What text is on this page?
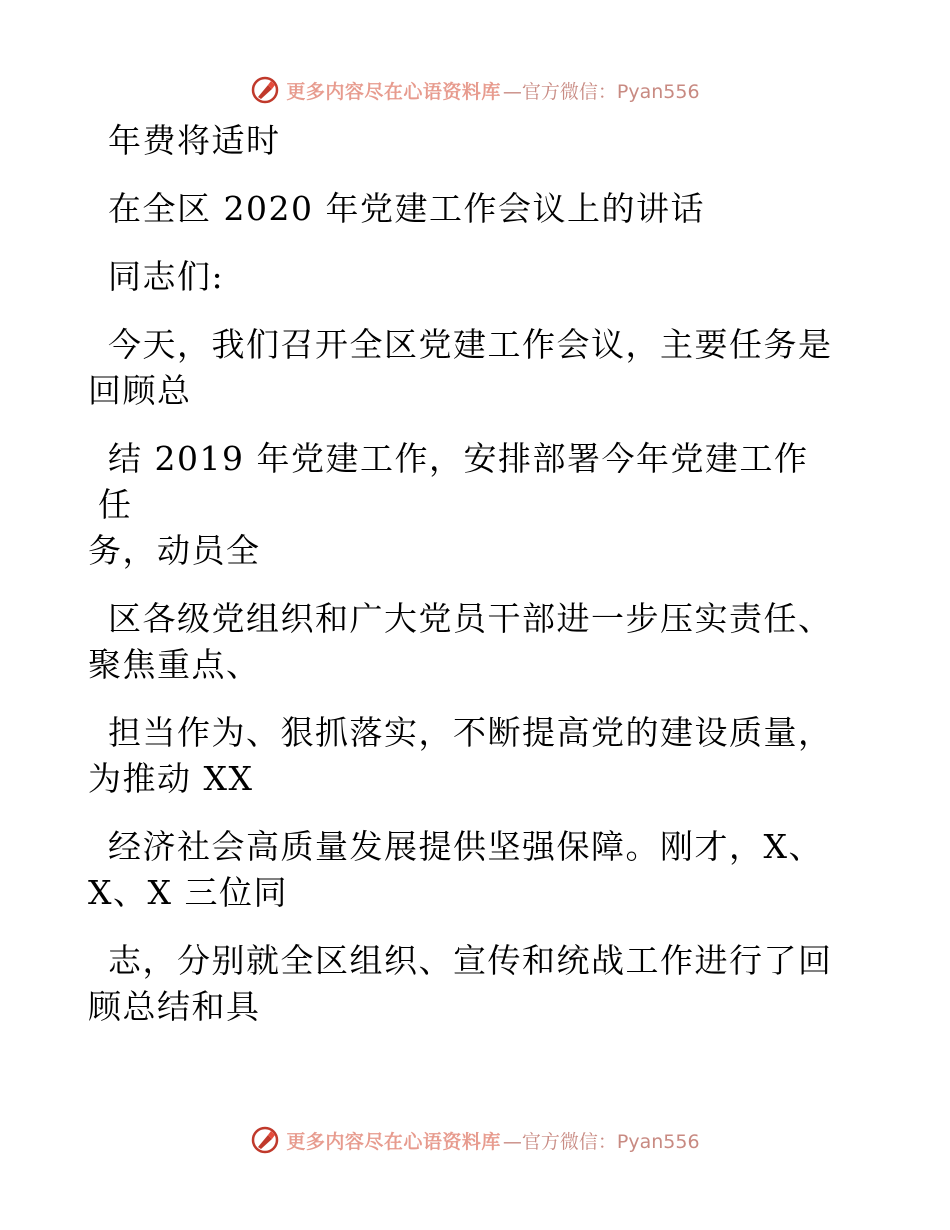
更多内容尽在心语资料库 —官方微信：Pyan556

年费将适时

在全区 2020 年党建工作会议上的讲话

同志们:

今天，我们召开全区党建工作会议，主要任务是
回顾总

结 2019 年党建工作，安排部署今年党建工作任
务，动员全

区各级党组织和广大党员干部进一步压实责任、
聚焦重点、

担当作为、狠抓落实，不断提高党的建设质量，
为推动 XX

经济社会高质量发展提供坚强保障。刚才，X、
X、X 三位同

志，分别就全区组织、宣传和统战工作进行了回
顾总结和具

更多内容尽在心语资料库 —官方微信：Pyan556
